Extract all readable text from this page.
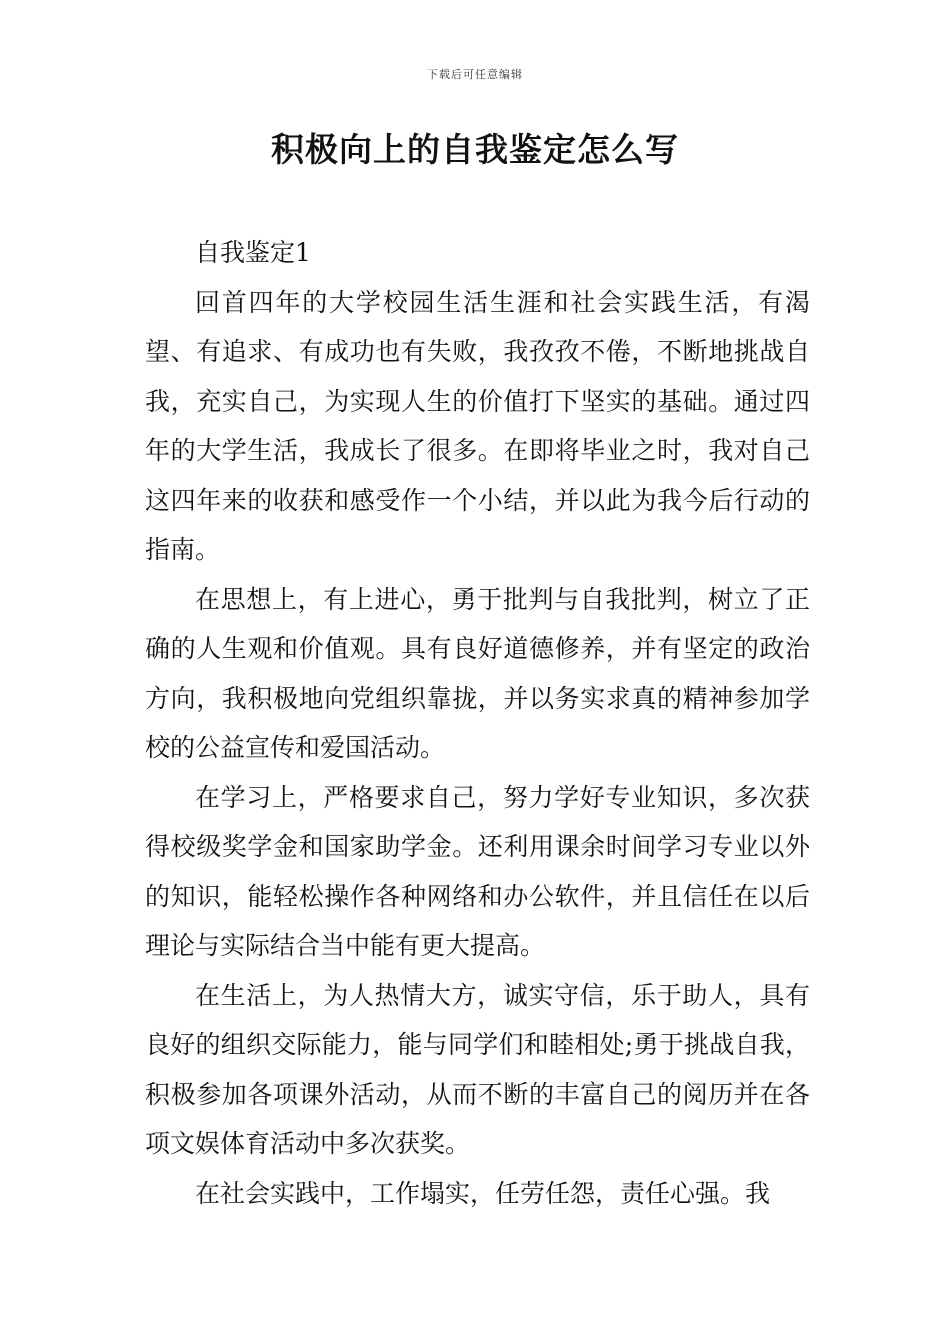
下载后可任意编辑
积极向上的自我鉴定怎么写

自我鉴定1

回首四年的大学校园生活生涯和社会实践生活，有渴望、有追求、有成功也有失败，我孜孜不倦，不断地挑战自我，充实自己，为实现人生的价值打下坚实的基础。通过四年的大学生活，我成长了很多。在即将毕业之时，我对自己这四年来的收获和感受作一个小结，并以此为我今后行动的指南。

在思想上，有上进心，勇于批判与自我批判，树立了正确的人生观和价值观。具有良好道德修养，并有坚定的政治方向，我积极地向党组织靠拢，并以务实求真的精神参加学校的公益宣传和爱国活动。

在学习上，严格要求自己，努力学好专业知识，多次获得校级奖学金和国家助学金。还利用课余时间学习专业以外的知识，能轻松操作各种网络和办公软件，并且信任在以后理论与实际结合当中能有更大提高。

在生活上，为人热情大方，诚实守信，乐于助人，具有良好的组织交际能力，能与同学们和睦相处;勇于挑战自我，积极参加各项课外活动，从而不断的丰富自己的阅历并在各项文娱体育活动中多次获奖。

在社会实践中，工作塌实，任劳任怨，责任心强。我
